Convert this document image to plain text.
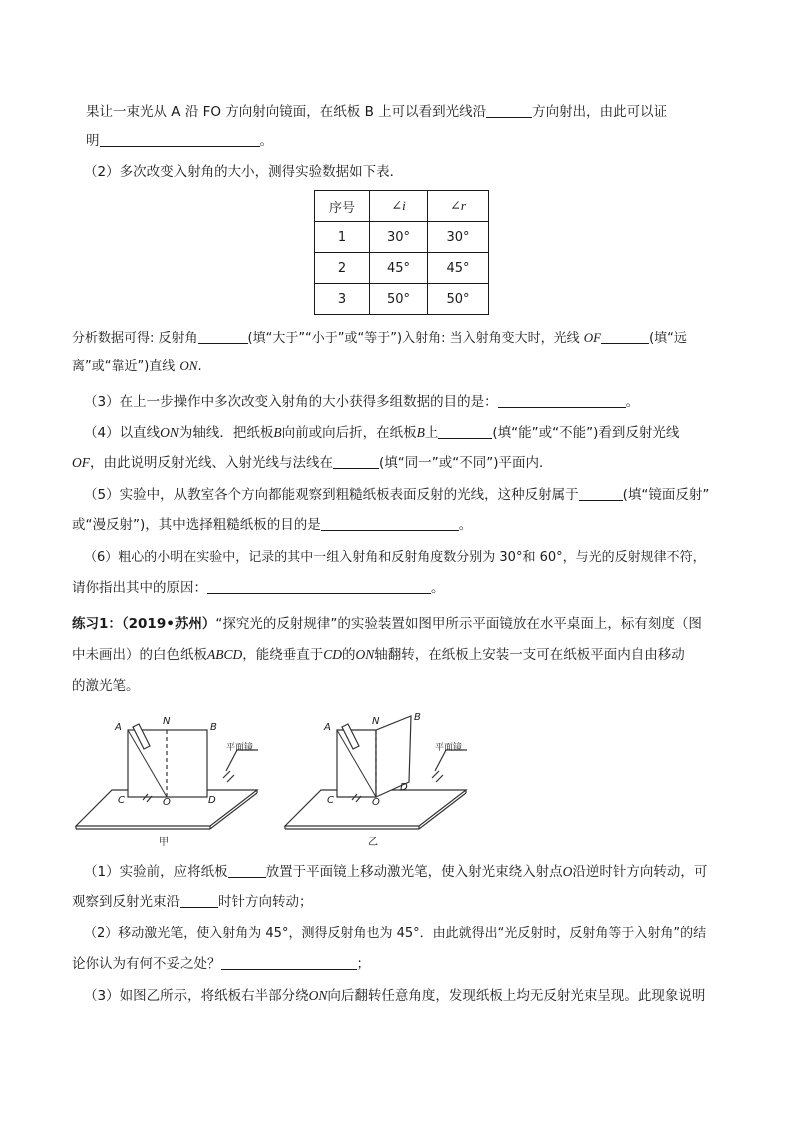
果让一束光从 A 沿 FO 方向射向镜面，在纸板 B 上可以看到光线沿	方向射出，由此可以证
明	。
（2）多次改变入射角的大小，测得实验数据如下表．
序号	∠i	∠r
1	30°	30°
2	45°	45°
3	50°	50°
分析数据可得: 反射角	(填“大于”“小于”或“等于”)入射角: 当入射角变大时，光线 OF	(填“远
离”或“靠近”)直线 ON.
（3）在上一步操作中多次改变入射角的大小获得多组数据的目的是：	。
（4）以直线ON为轴线．把纸板B向前或向后折，在纸板B上	(填“能”或“不能”)看到反射光线
OF，由此说明反射光线、入射光线与法线在	(填“同一”或“不同”)平面内．
（5）实验中，从教室各个方向都能观察到粗糙纸板表面反射的光线，这种反射属于	(填“镜面反射”
或“漫反射”)，其中选择粗糙纸板的目的是	。
（6）粗心的小明在实验中，记录的其中一组入射角和反射角度数分别为 30°和 60°，与光的反射规律不符，
请你指出其中的原因：	。
练习1：（2019•苏州）“探究光的反射规律”的实验装置如图甲所示平面镜放在水平桌面上，标有刻度（图
中未画出）的白色纸板ABCD，能绕垂直于CD的ON轴翻转，在纸板上安装一支可在纸板平面内自由移动
的激光笔。
A
N
B
C	O	D
平面镜
甲
A
N	B
C	O
D
平面镜
乙
（1）实验前，应将纸板	放置于平面镜上移动激光笔，使入射光束绕入射点O沿逆时针方向转动，可
观察到反射光束沿	时针方向转动；
（2）移动激光笔，使入射角为 45°，测得反射角也为 45°．由此就得出“光反射时，反射角等于入射角”的结
论你认为有何不妥之处？	；
（3）如图乙所示，将纸板右半部分绕ON向后翻转任意角度，发现纸板上均无反射光束呈现。此现象说明
